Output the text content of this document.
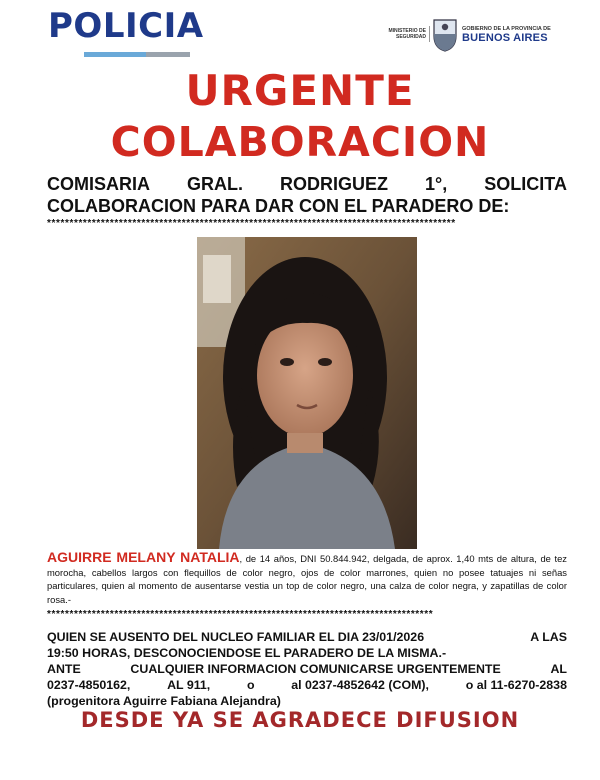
POLICIA	MINISTERIO DE SEGURIDAD
GOBIERNO DE LA PROVINCIA DE
BUENOS AIRES
URGENTE
COLABORACION
COMISARIA GRAL. RODRIGUEZ 1°, SOLICITA
COLABORACION PARA DAR CON EL PARADERO DE:
*******************************************************************************************
AGUIRRE MELANY NATALIA, de 14 años, DNI 50.844.942, delgada, de aprox. 1,40 mts de altura, de tez morocha, cabellos largos con flequillos de color negro, ojos de color marrones, quien no posee tatuajes ni señas particulares, quien al momento de ausentarse vestia un top de color negro, una calza de color negra, y zapatillas de color rosa.-
**************************************************************************************
QUIEN SE AUSENTO DEL NUCLEO FAMILIAR EL DIA 23/01/2026	A LAS
19:50 HORAS, DESCONOCIENDOSE EL PARADERO DE LA MISMA.-
ANTE	CUALQUIER INFORMACION COMUNICARSE URGENTEMENTE	AL
0237-4850162,	AL 911,	o	al 0237-4852642 (COM),	o al 11-6270-2838
(progenitora Aguirre Fabiana Alejandra)
DESDE YA SE AGRADECE DIFUSION
